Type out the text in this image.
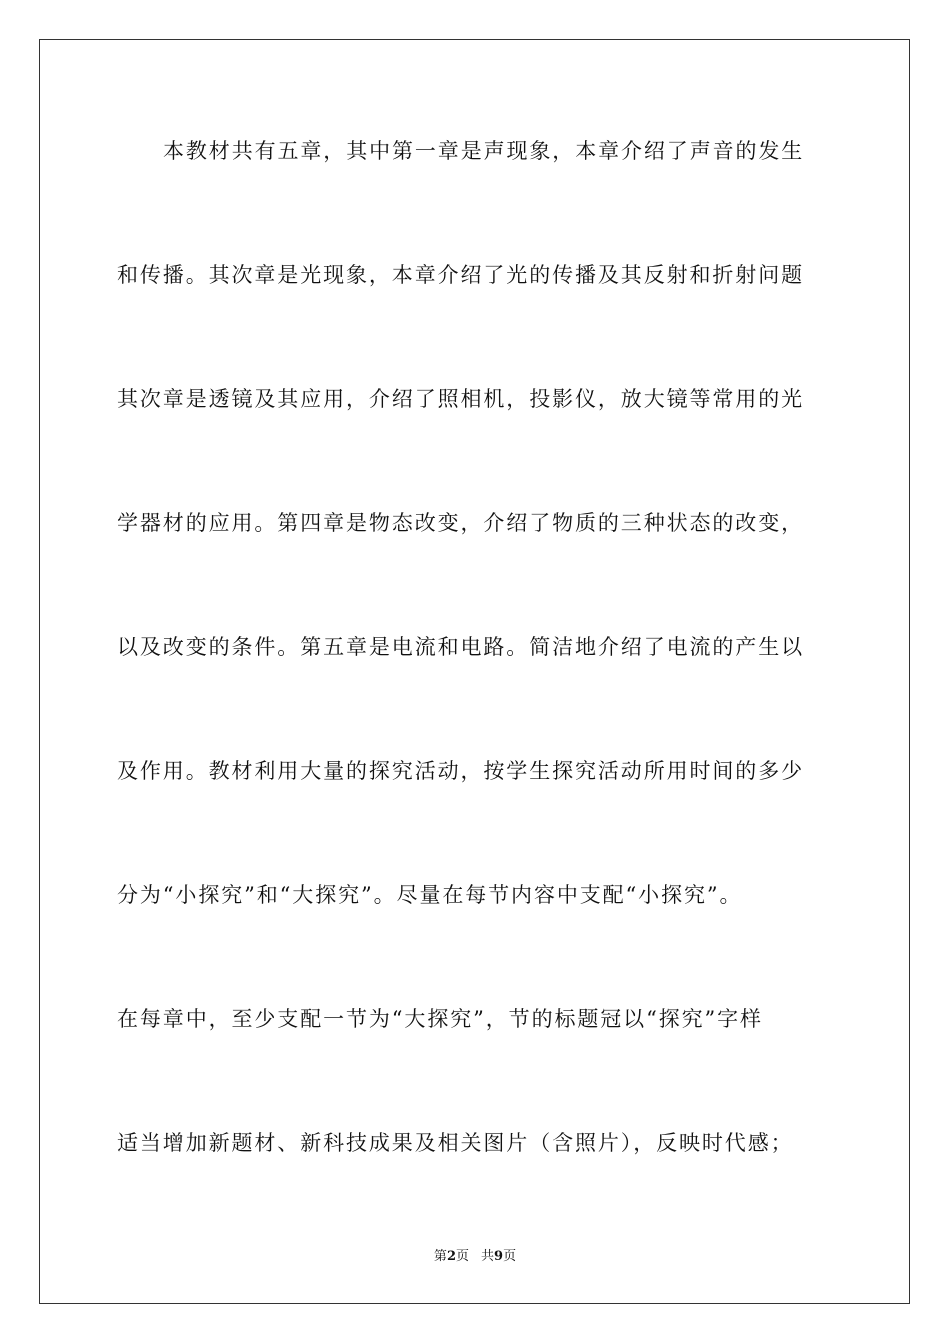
本教材共有五章，其中第一章是声现象，本章介绍了声音的发生
和传播。其次章是光现象，本章介绍了光的传播及其反射和折射问题
其次章是透镜及其应用，介绍了照相机，投影仪，放大镜等常用的光
学器材的应用。第四章是物态改变，介绍了物质的三种状态的改变，
以及改变的条件。第五章是电流和电路。简洁地介绍了电流的产生以
及作用。教材利用大量的探究活动，按学生探究活动所用时间的多少
分为“小探究”和“大探究”。尽量在每节内容中支配“小探究”。
在每章中，至少支配一节为“大探究”，节的标题冠以“探究”字样
适当增加新题材、新科技成果及相关图片（含照片），反映时代感；
第2页 共9页
